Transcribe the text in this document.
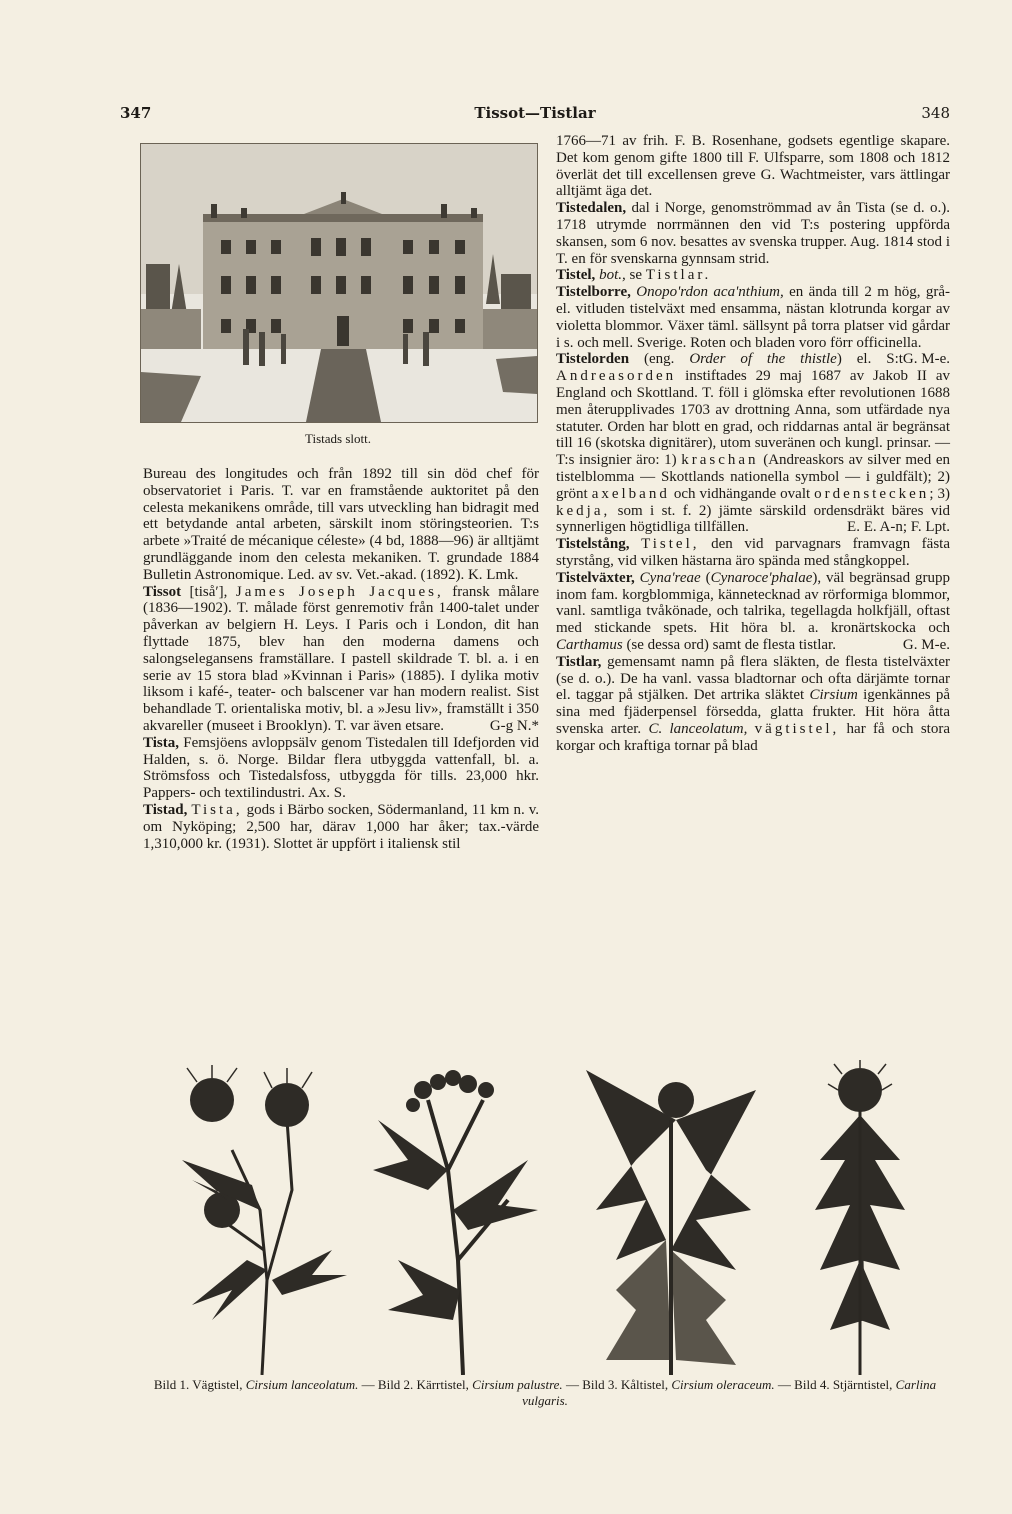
347	Tissot—Tistlar	348
Tistads slott.

Bureau des longitudes och från 1892 till sin död chef för observatoriet i Paris. T. var en framstående auktoritet på den celesta mekanikens område, till vars utveckling han bidragit med ett betydande antal arbeten, särskilt inom störingsteorien. T:s arbete »Traité de mécanique céleste» (4 bd, 1888—96) är alltjämt grundläggande inom den celesta mekaniken. T. grundade 1884 Bulletin Astronomique. Led. av sv. Vet.-akad. (1892). K. Lmk.

Tissot [tisåʹ], James Joseph Jacques, fransk målare (1836—1902). T. målade först genremotiv från 1400-talet under påverkan av belgiern H. Leys. I Paris och i London, dit han flyttade 1875, blev han den moderna damens och salongselegansens framställare. I pastell skildrade T. bl. a. i en serie av 15 stora blad »Kvinnan i Paris» (1885). I dylika motiv liksom i kafé-, teater- och balscener var han modern realist. Sist behandlade T. orientaliska motiv, bl. a »Jesu liv», framställt i 350 akvareller (museet i Brooklyn). T. var även etsare.	G-g N.*

Tista, Femsjöens avloppsälv genom Tistedalen till Idefjorden vid Halden, s. ö. Norge. Bildar flera utbyggda vattenfall, bl. a. Strömsfoss och Tistedalsfoss, utbyggda för tills. 23,000 hkr. Pappers- och textilindustri. Ax. S.

Tistad, Tista, gods i Bärbo socken, Södermanland, 11 km n. v. om Nyköping; 2,500 har, därav 1,000 har åker; tax.-värde 1,310,000 kr. (1931). Slottet är uppfört i italiensk stil

1766—71 av frih. F. B. Rosenhane, godsets egentlige skapare. Det kom genom gifte 1800 till F. Ulfsparre, som 1808 och 1812 överlät det till excellensen greve G. Wachtmeister, vars ättlingar alltjämt äga det.

Tistedalen, dal i Norge, genomströmmad av ån Tista (se d. o.). 1718 utrymde norrmännen den vid T:s postering uppförda skansen, som 6 nov. besattes av svenska trupper. Aug. 1814 stod i T. en för svenskarna gynnsam strid.

Tistel, bot., se Tistlar.

Tistelborre, Onopoʹrdon acaʹnthium, en ända till 2 m hög, grå- el. vitluden tistelväxt med ensamma, nästan klotrunda korgar av violetta blommor. Växer täml. sällsynt på torra platser vid gårdar i s. och mell. Sverige. Roten och bladen voro förr officinella.
G. M-e.

Tistelorden (eng. Order of the thistle) el. S:t Andreasorden instiftades 29 maj 1687 av Jakob II av England och Skottland. T. föll i glömska efter revolutionen 1688 men återupplivades 1703 av drottning Anna, som utfärdade nya statuter. Orden har blott en grad, och riddarnas antal är begränsat till 16 (skotska dignitärer), utom suveränen och kungl. prinsar. — T:s insignier äro: 1) kraschan (Andreaskors av silver med en tistelblomma — Skottlands nationella symbol — i guldfält); 2) grönt axelband och vidhängande ovalt ordenstecken; 3) kedja, som i st. f. 2) jämte särskild ordensdräkt bäres vid synnerligen högtidliga tillfällen.	E. E. A-n; F. Lpt.

Tistelstång, Tistel, den vid parvagnars framvagn fästa styrstång, vid vilken hästarna äro spända med stångkoppel.

Tistelväxter, Cynaʹreae (Cynaroceʹphalae), väl begränsad grupp inom fam. korgblommiga, kännetecknad av rörformiga blommor, vanl. samtliga tvåkönade, och talrika, tegellagda holkfjäll, oftast med stickande spets. Hit höra bl. a. kronärtskocka och Carthamus (se dessa ord) samt de flesta tistlar.	G. M-e.

Tistlar, gemensamt namn på flera släkten, de flesta tistelväxter (se d. o.). De ha vanl. vassa bladtornar och ofta därjämte tornar el. taggar på stjälken. Det artrika släktet Cirsium igenkännes på sina med fjäderpensel försedda, glatta frukter. Hit höra åtta svenska arter. C. lanceolatum, vägtistel, har få och stora korgar och kraftiga tornar på blad

Bild 1. Vägtistel, Cirsium lanceolatum. — Bild 2. Kärrtistel, Cirsium palustre. — Bild 3. Kåltistel, Cirsium oleraceum. — Bild 4. Stjärntistel, Carlina vulgaris.
